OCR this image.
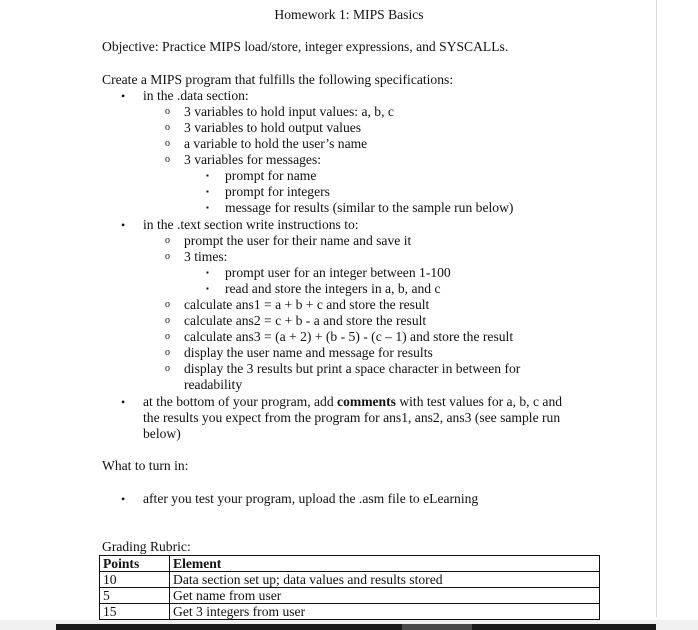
Homework 1: MIPS Basics
Objective: Practice MIPS load/store, integer expressions, and SYSCALLs.
Create a MIPS program that fulfills the following specifications:
• in the .data section:
o 3 variables to hold input values: a, b, c
o 3 variables to hold output values
o a variable to hold the user’s name
o 3 variables for messages:
▪ prompt for name
▪ prompt for integers
▪ message for results (similar to the sample run below)
• in the .text section write instructions to:
o prompt the user for their name and save it
o 3 times:
▪ prompt user for an integer between 1-100
▪ read and store the integers in a, b, and c
o calculate ans1 = a + b + c and store the result
o calculate ans2 = c + b - a and store the result
o calculate ans3 = (a + 2) + (b - 5) - (c – 1) and store the result
o display the user name and message for results
o display the 3 results but print a space character in between for
readability
• at the bottom of your program, add comments with test values for a, b, c and
the results you expect from the program for ans1, ans2, ans3 (see sample run
below)
What to turn in:
• after you test your program, upload the .asm file to eLearning
Grading Rubric:
Points	Element
10	Data section set up; data values and results stored
5	Get name from user
15	Get 3 integers from user
